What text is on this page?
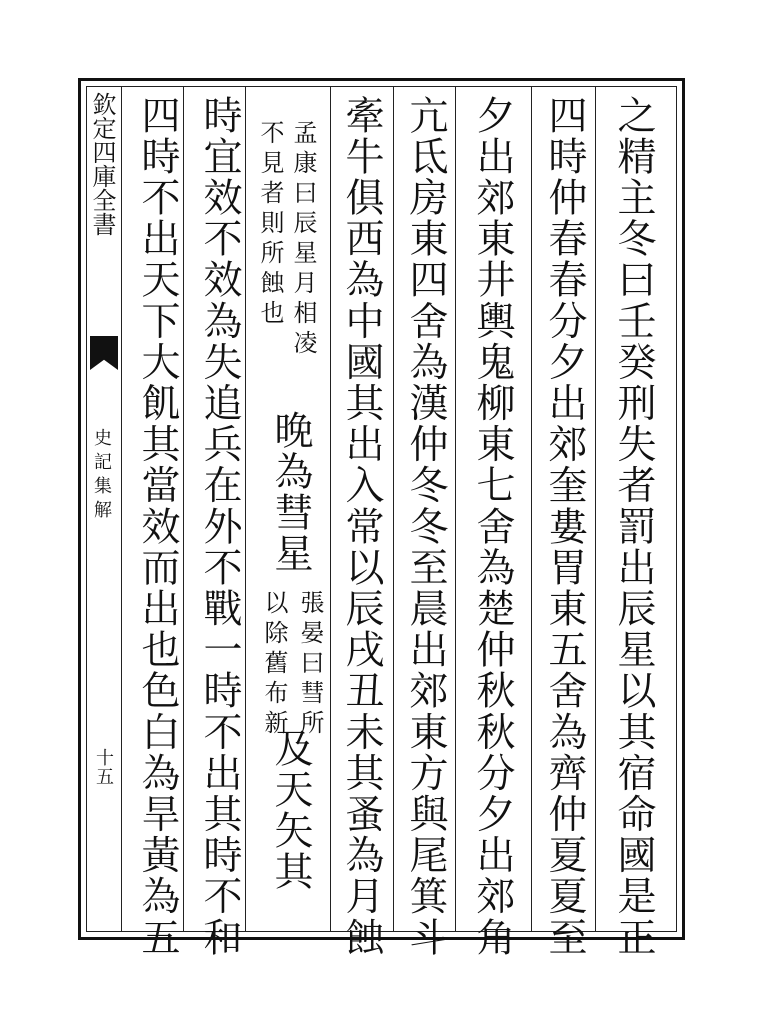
欽定四庫全書
史記集解
十五	之精主冬曰壬癸刑失者罰出辰星以其宿命國是正
四時仲春春分夕出郊奎婁胃東五舍為齊仲夏夏至
夕出郊東井輿鬼柳東七舍為楚仲秋秋分夕出郊角
亢氐房東四舍為漢仲冬冬至晨出郊東方與尾箕斗
牽牛俱西為中國其出入常以辰戌丑未其蚤為月蝕
孟康曰辰星月相凌
不見者則所蝕也
晚為彗星
張晏曰彗所
以除舊布新
及天矢其
時宜效不效為失追兵在外不戰一時不出其時不和
四時不出天下大飢其當效而出也色白為旱黃為五
